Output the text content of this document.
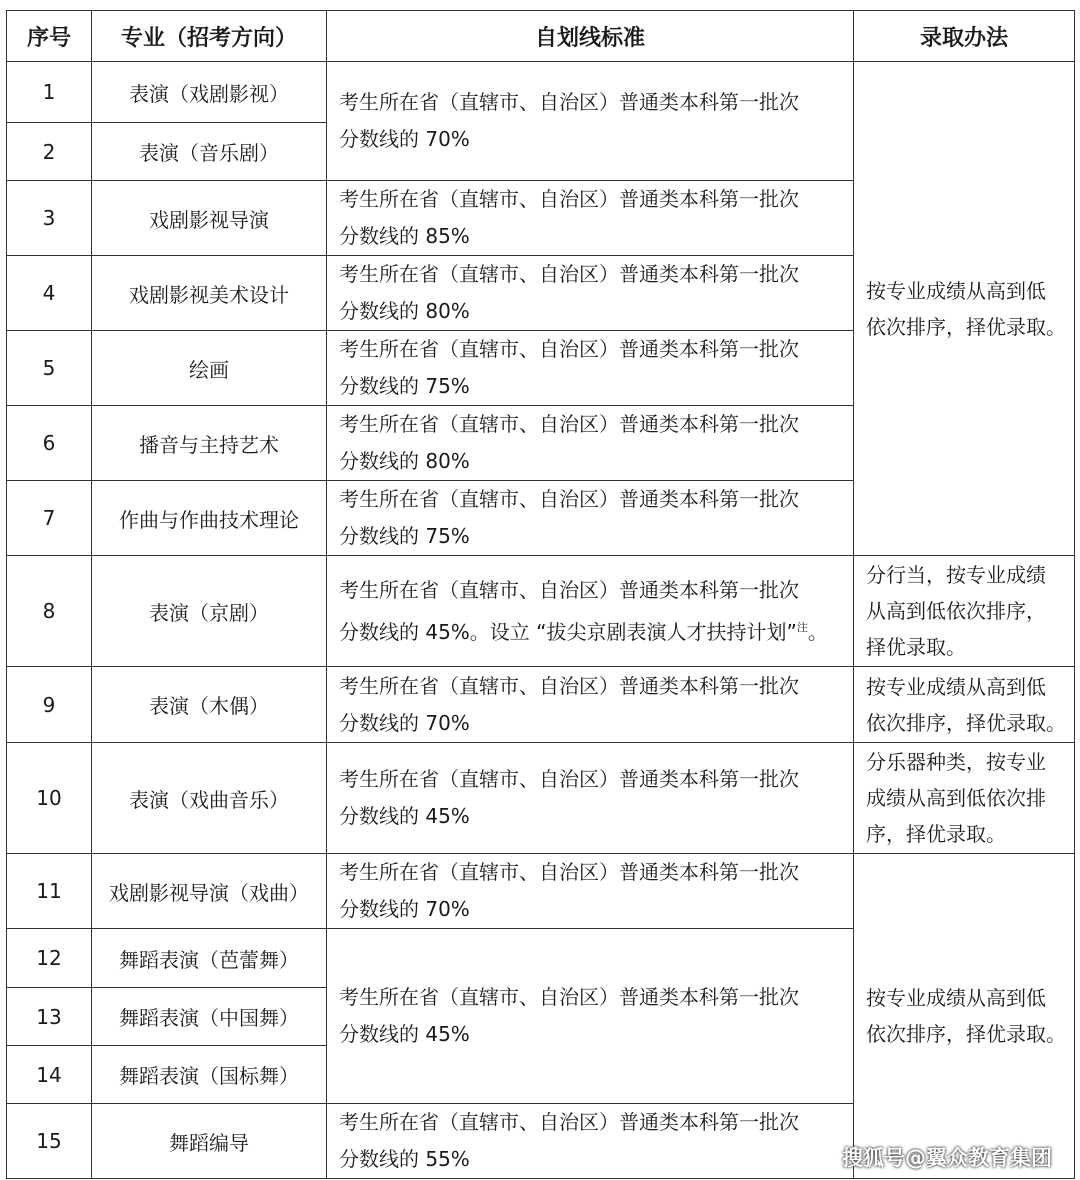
序号	专业（招考方向）	自划线标准	录取办法
1	表演（戏剧影视）	考生所在省（直辖市、自治区）普通类本科第一批次
分数线的 70%	按专业成绩从高到低
依次排序，择优录取。
2	表演（音乐剧）		
3	戏剧影视导演	考生所在省（直辖市、自治区）普通类本科第一批次
分数线的 85%	
4	戏剧影视美术设计	考生所在省（直辖市、自治区）普通类本科第一批次
分数线的 80%	
5	绘画	考生所在省（直辖市、自治区）普通类本科第一批次
分数线的 75%	
6	播音与主持艺术	考生所在省（直辖市、自治区）普通类本科第一批次
分数线的 80%	
7	作曲与作曲技术理论	考生所在省（直辖市、自治区）普通类本科第一批次
分数线的 75%	
8	表演（京剧）	考生所在省（直辖市、自治区）普通类本科第一批次
分数线的 45%。设立 “拔尖京剧表演人才扶持计划”$^注$。	分行当，按专业成绩
从高到低依次排序，
择优录取。
9	表演（木偶）	考生所在省（直辖市、自治区）普通类本科第一批次
分数线的 70%	按专业成绩从高到低
依次排序，择优录取。
10	表演（戏曲音乐）	考生所在省（直辖市、自治区）普通类本科第一批次
分数线的 45%	分乐器种类，按专业
成绩从高到低依次排
序，择优录取。
11	戏剧影视导演（戏曲）	考生所在省（直辖市、自治区）普通类本科第一批次
分数线的 70%	按专业成绩从高到低
依次排序，择优录取。
12	舞蹈表演（芭蕾舞）	考生所在省（直辖市、自治区）普通类本科第一批次
分数线的 45%	
13	舞蹈表演（中国舞）		
14	舞蹈表演（国标舞）		
15	舞蹈编导	考生所在省（直辖市、自治区）普通类本科第一批次
分数线的 55%		搜狐号@翼众教育集团
